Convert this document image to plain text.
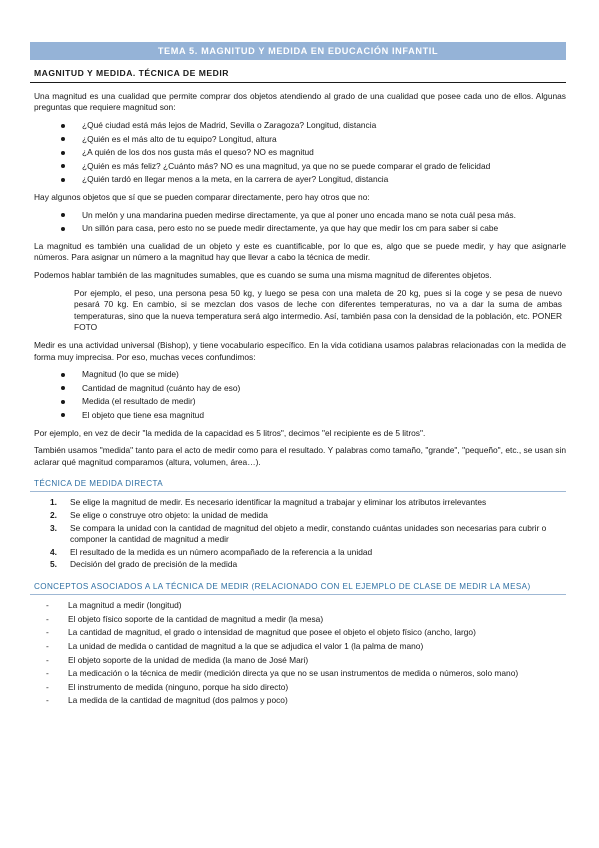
TEMA 5. MAGNITUD Y MEDIDA EN EDUCACIÓN INFANTIL
MAGNITUD Y MEDIDA. TÉCNICA DE MEDIR

Una magnitud es una cualidad que permite comprar dos objetos atendiendo al grado de una cualidad que posee cada uno de ellos. Algunas preguntas que requiere magnitud son:

¿Qué ciudad está más lejos de Madrid, Sevilla o Zaragoza? Longitud, distancia
¿Quién es el más alto de tu equipo? Longitud, altura
¿A quién de los dos nos gusta más el queso? NO es magnitud
¿Quién es más feliz? ¿Cuánto más? NO es una magnitud, ya que no se puede comparar el grado de felicidad
¿Quién tardó en llegar menos a la meta, en la carrera de ayer? Longitud, distancia

Hay algunos objetos que sí que se pueden comparar directamente, pero hay otros que no:

Un melón y una mandarina pueden medirse directamente, ya que al poner uno encada mano se nota cuál pesa más.
Un sillón para casa, pero esto no se puede medir directamente, ya que hay que medir los cm para saber si cabe

La magnitud es también una cualidad de un objeto y este es cuantificable, por lo que es, algo que se puede medir, y hay que asignarle números. Para asignar un número a la magnitud hay que llevar a cabo la técnica de medir.

Podemos hablar también de las magnitudes sumables, que es cuando se suma una misma magnitud de diferentes objetos.

Por ejemplo, el peso, una persona pesa 50 kg, y luego se pesa con una maleta de 20 kg, pues si la coge y se pesa de nuevo pesará 70 kg. En cambio, si se mezclan dos vasos de leche con diferentes temperaturas, no va a dar la suma de ambas temperaturas, sino que la nueva temperatura será algo intermedio. Así, también pasa con la densidad de la población, etc. PONER FOTO

Medir es una actividad universal (Bishop), y tiene vocabulario específico. En la vida cotidiana usamos palabras relacionadas con la medida de forma muy imprecisa. Por eso, muchas veces confundimos:

Magnitud (lo que se mide)
Cantidad de magnitud (cuánto hay de eso)
Medida (el resultado de medir)
El objeto que tiene esa magnitud

Por ejemplo, en vez de decir "la medida de la capacidad es 5 litros", decimos "el recipiente es de 5 litros".

También usamos "medida" tanto para el acto de medir como para el resultado. Y palabras como tamaño, "grande", "pequeño", etc., se usan sin aclarar qué magnitud comparamos (altura, volumen, área…).

TÉCNICA DE MEDIDA DIRECTA
1. Se elige la magnitud de medir. Es necesario identificar la magnitud a trabajar y eliminar los atributos irrelevantes
2. Se elige o construye otro objeto: la unidad de medida
3. Se compara la unidad con la cantidad de magnitud del objeto a medir, constando cuántas unidades son necesarias para cubrir o componer la cantidad de magnitud a medir
4. El resultado de la medida es un número acompañado de la referencia a la unidad
5. Decisión del grado de precisión de la medida
CONCEPTOS ASOCIADOS A LA TÉCNICA DE MEDIR (RELACIONADO CON EL EJEMPLO DE CLASE DE MEDIR LA MESA)
- La magnitud a medir (longitud)
- El objeto físico soporte de la cantidad de magnitud a medir (la mesa)
- La cantidad de magnitud, el grado o intensidad de magnitud que posee el objeto el objeto físico (ancho, largo)
- La unidad de medida o cantidad de magnitud a la que se adjudica el valor 1 (la palma de mano)
- El objeto soporte de la unidad de medida (la mano de José Mari)
- La medicación o la técnica de medir (medición directa ya que no se usan instrumentos de medida o números, solo mano)
- El instrumento de medida (ninguno, porque ha sido directo)
- La medida de la cantidad de magnitud (dos palmos y poco)
